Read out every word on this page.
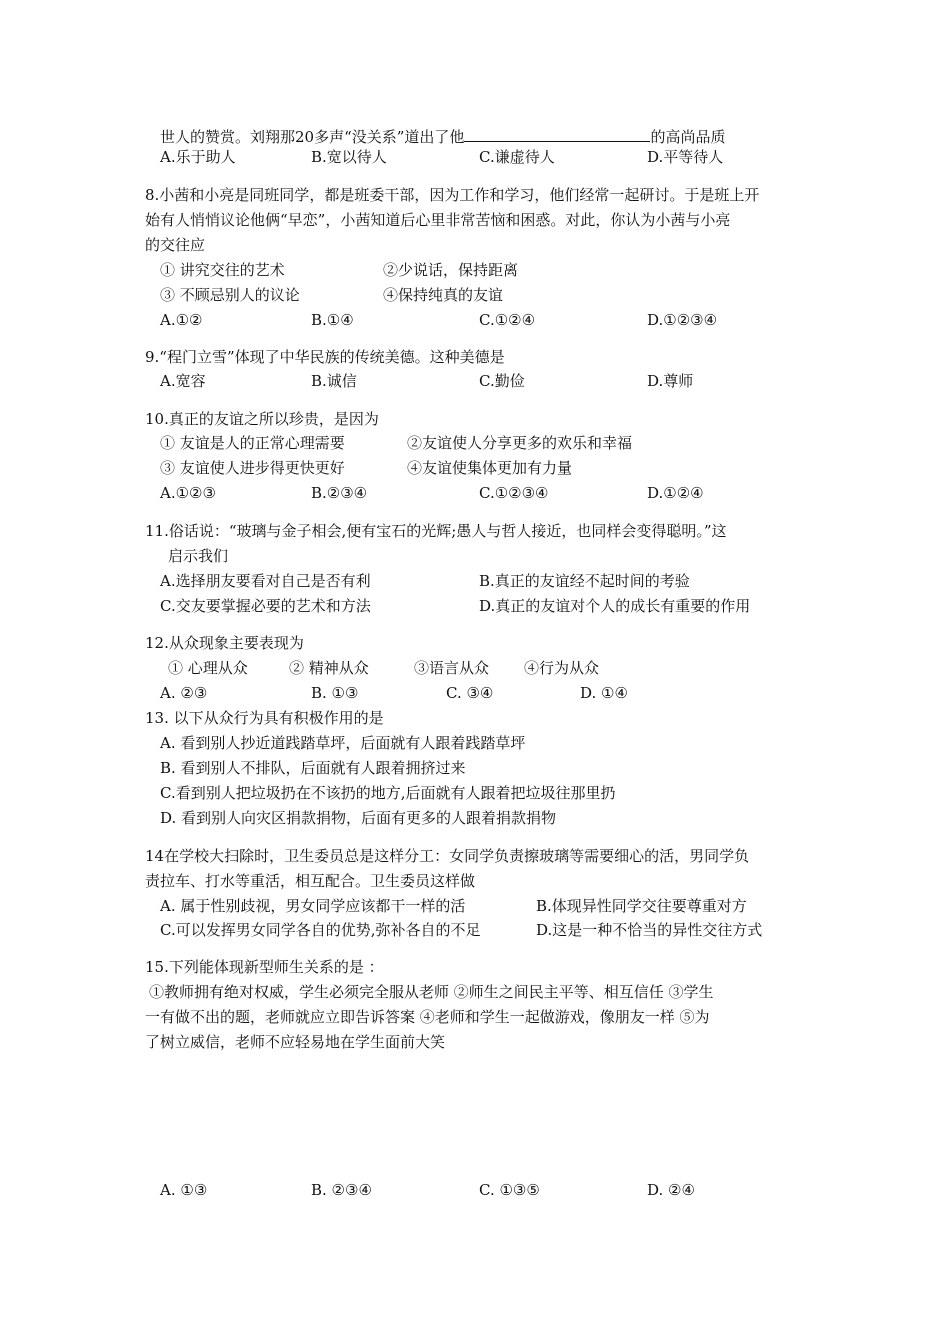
世人的赞赏。刘翔那20多声“没关系”道出了他	的高尚品质
A.乐于助人	B.宽以待人	C.谦虚待人	D.平等待人
8.小茜和小亮是同班同学，都是班委干部，因为工作和学习，他们经常一起研讨。于是班上开
始有人悄悄议论他俩“早恋”，小茜知道后心里非常苦恼和困惑。对此，你认为小茜与小亮
的交往应
① 讲究交往的艺术	②少说话，保持距离
③ 不顾忌别人的议论	④保持纯真的友谊
A.①②	B.①④	C.①②④	D.①②③④
9.“程门立雪”体现了中华民族的传统美德。这种美德是
A.宽容	B.诚信	C.勤俭	D.尊师
10.真正的友谊之所以珍贵，是因为
① 友谊是人的正常心理需要	②友谊使人分享更多的欢乐和幸福
③ 友谊使人进步得更快更好	④友谊使集体更加有力量
A.①②③	B.②③④	C.①②③④	D.①②④
11.俗话说：“玻璃与金子相会,便有宝石的光辉;愚人与哲人接近，也同样会变得聪明。”这
启示我们
A.选择朋友要看对自己是否有利	B.真正的友谊经不起时间的考验
C.交友要掌握必要的艺术和方法	D.真正的友谊对个人的成长有重要的作用
12.从众现象主要表现为
① 心理从众	② 精神从众	③语言从众 ④行为从众
A. ②③	B. ①③	C. ③④	D. ①④
13. 以下从众行为具有积极作用的是
A. 看到别人抄近道践踏草坪，后面就有人跟着践踏草坪
B. 看到别人不排队，后面就有人跟着拥挤过来
C.看到别人把垃圾扔在不该扔的地方,后面就有人跟着把垃圾往那里扔
D. 看到别人向灾区捐款捐物，后面有更多的人跟着捐款捐物
14在学校大扫除时，卫生委员总是这样分工：女同学负责擦玻璃等需要细心的活，男同学负
责拉车、打水等重活，相互配合。卫生委员这样做
A. 属于性别歧视，男女同学应该都干一样的活	B.体现异性同学交往要尊重对方
C.可以发挥男女同学各自的优势,弥补各自的不足	D.这是一种不恰当的异性交往方式
15.下列能体现新型师生关系的是 ：
①教师拥有绝对权威，学生必须完全服从老师 ②师生之间民主平等、相互信任 ③学生
一有做不出的题，老师就应立即告诉答案 ④老师和学生一起做游戏，像朋友一样 ⑤为
了树立威信，老师不应轻易地在学生面前大笑
A. ①③	B. ②③④	C. ①③⑤	D. ②④
